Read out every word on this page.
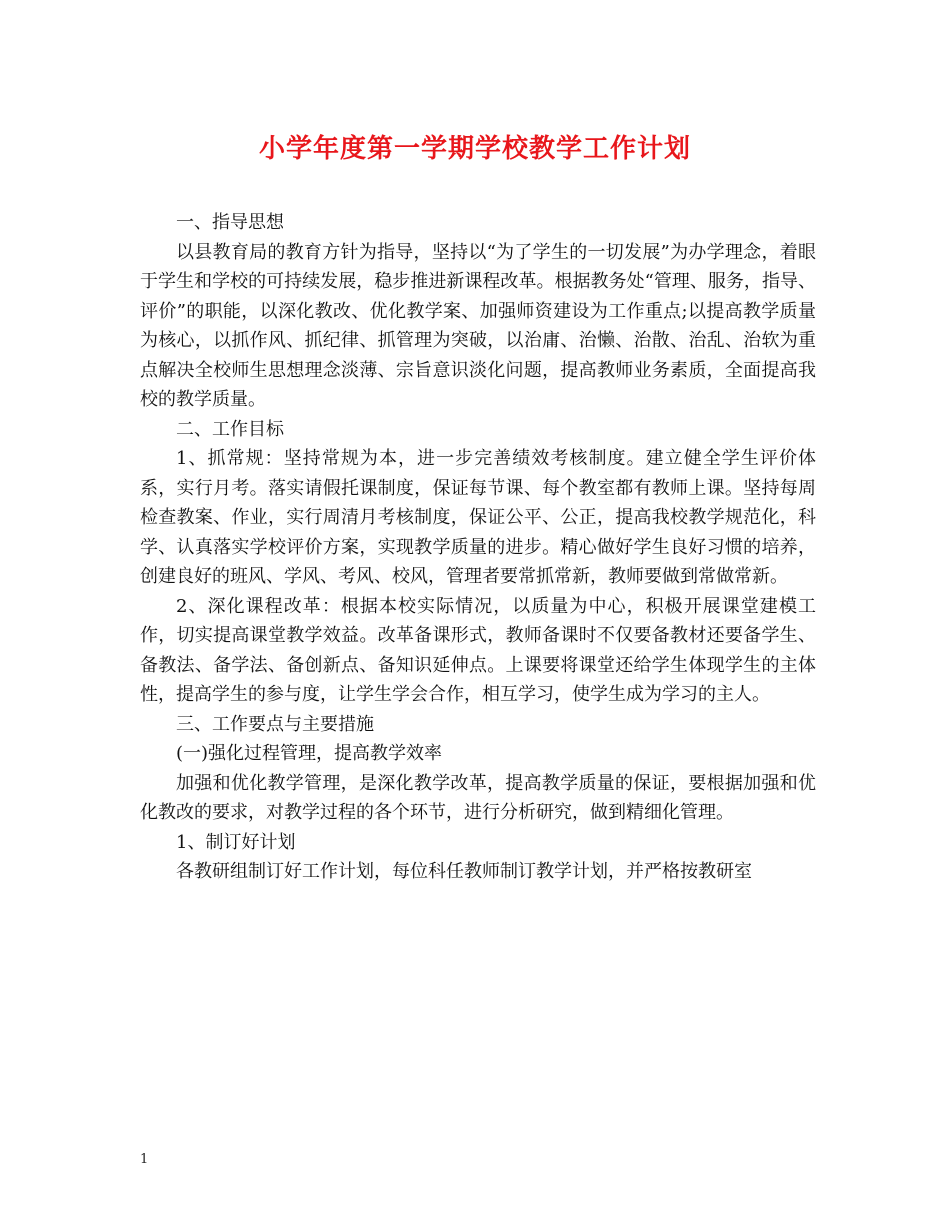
小学年度第一学期学校教学工作计划

一、指导思想

以县教育局的教育方针为指导，坚持以“为了学生的一切发展”为办学理念，着眼于学生和学校的可持续发展，稳步推进新课程改革。根据教务处“管理、服务，指导、评价”的职能，以深化教改、优化教学案、加强师资建设为工作重点;以提高教学质量为核心，以抓作风、抓纪律、抓管理为突破，以治庸、治懒、治散、治乱、治软为重点解决全校师生思想理念淡薄、宗旨意识淡化问题，提高教师业务素质，全面提高我校的教学质量。

二、工作目标

1、抓常规：坚持常规为本，进一步完善绩效考核制度。建立健全学生评价体系，实行月考。落实请假托课制度，保证每节课、每个教室都有教师上课。坚持每周检查教案、作业，实行周清月考核制度，保证公平、公正，提高我校教学规范化，科学、认真落实学校评价方案，实现教学质量的进步。精心做好学生良好习惯的培养，创建良好的班风、学风、考风、校风，管理者要常抓常新，教师要做到常做常新。

2、深化课程改革：根据本校实际情况，以质量为中心，积极开展课堂建模工作，切实提高课堂教学效益。改革备课形式，教师备课时不仅要备教材还要备学生、备教法、备学法、备创新点、备知识延伸点。上课要将课堂还给学生体现学生的主体性，提高学生的参与度，让学生学会合作，相互学习，使学生成为学习的主人。

三、工作要点与主要措施

(一)强化过程管理，提高教学效率

加强和优化教学管理，是深化教学改革，提高教学质量的保证，要根据加强和优化教改的要求，对教学过程的各个环节，进行分析研究，做到精细化管理。

1、制订好计划

各教研组制订好工作计划，每位科任教师制订教学计划，并严格按教研室

1
